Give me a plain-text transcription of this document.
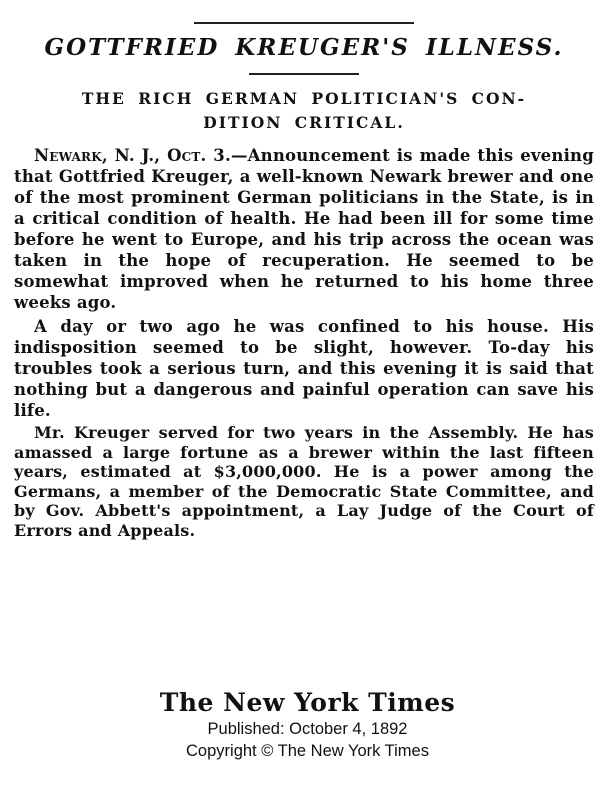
GOTTFRIED KREUGER'S ILLNESS.
THE RICH GERMAN POLITICIAN'S CON-
DITION CRITICAL.

Newark, N. J., Oct. 3.—Announcement is made this evening that Gottfried Kreuger, a well-known Newark brewer and one of the most prominent German politicians in the State, is in a critical condition of health. He had been ill for some time before he went to Europe, and his trip across the ocean was taken in the hope of recuperation. He seemed to be somewhat improved when he returned to his home three weeks ago.

A day or two ago he was confined to his house. His indisposition seemed to be slight, however. To-day his troubles took a serious turn, and this evening it is said that nothing but a dangerous and painful operation can save his life.

Mr. Kreuger served for two years in the Assembly. He has amassed a large fortune as a brewer within the last fifteen years, estimated at $3,000,000. He is a power among the Germans, a member of the Democratic State Committee, and by Gov. Abbett's appointment, a Lay Judge of the Court of Errors and Appeals.

The New York Times
Published: October 4, 1892
Copyright © The New York Times
